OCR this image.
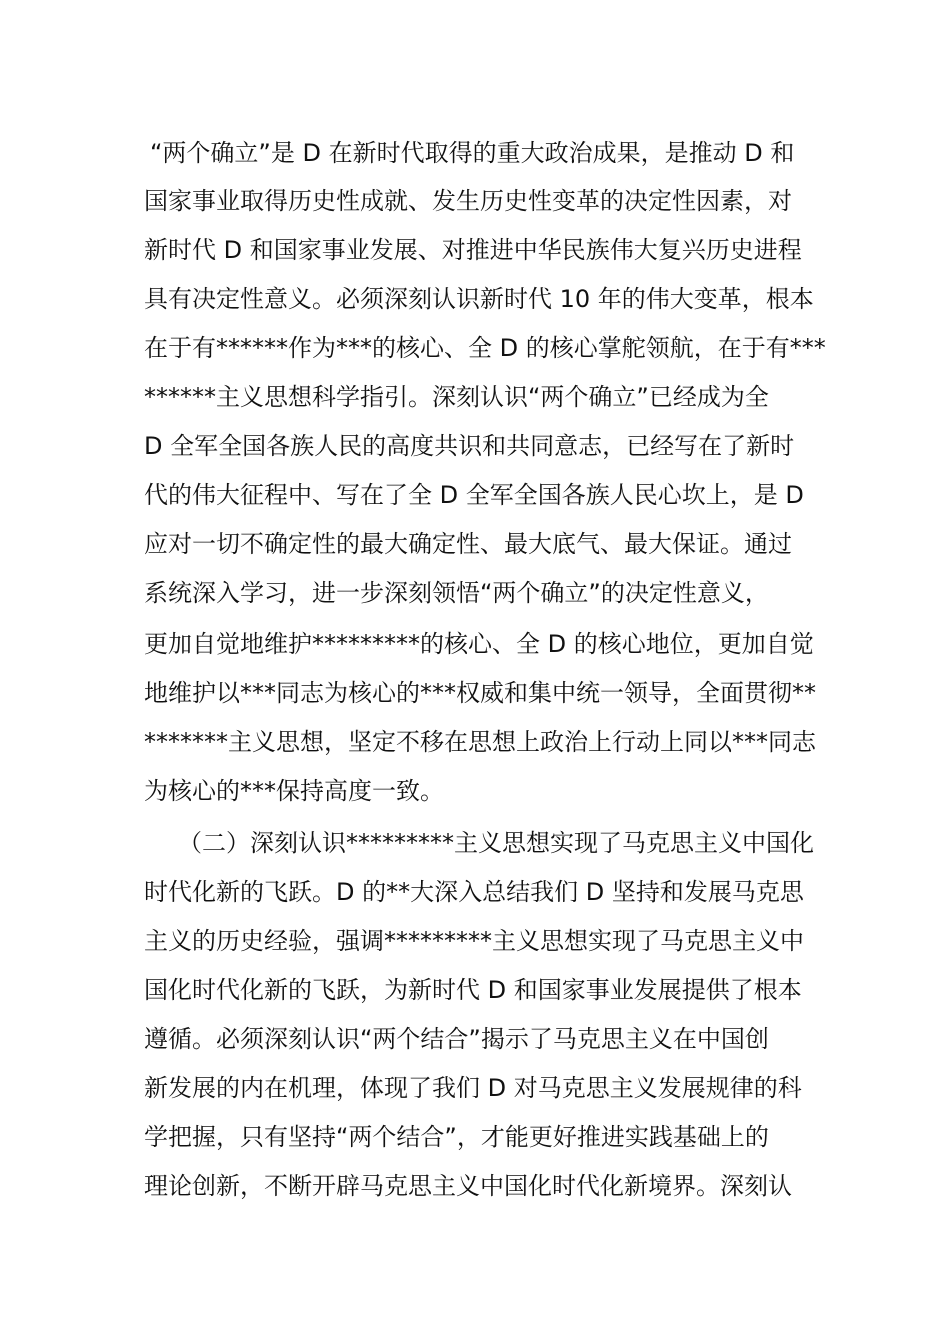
“两个确立”是 D 在新时代取得的重大政治成果，是推动 D 和
国家事业取得历史性成就、发生历史性变革的决定性因素，对
新时代 D 和国家事业发展、对推进中华民族伟大复兴历史进程
具有决定性意义。必须深刻认识新时代 10 年的伟大变革，根本
在于有******作为***的核心、全 D 的核心掌舵领航，在于有***
******主义思想科学指引。深刻认识“两个确立”已经成为全
D 全军全国各族人民的高度共识和共同意志，已经写在了新时
代的伟大征程中、写在了全 D 全军全国各族人民心坎上，是 D
应对一切不确定性的最大确定性、最大底气、最大保证。通过
系统深入学习，进一步深刻领悟“两个确立”的决定性意义，
更加自觉地维护*********的核心、全 D 的核心地位，更加自觉
地维护以***同志为核心的***权威和集中统一领导，全面贯彻**
*******主义思想，坚定不移在思想上政治上行动上同以***同志
为核心的***保持高度一致。
（二）深刻认识*********主义思想实现了马克思主义中国化
时代化新的飞跃。D 的**大深入总结我们 D 坚持和发展马克思
主义的历史经验，强调*********主义思想实现了马克思主义中
国化时代化新的飞跃，为新时代 D 和国家事业发展提供了根本
遵循。必须深刻认识“两个结合”揭示了马克思主义在中国创
新发展的内在机理，体现了我们 D 对马克思主义发展规律的科
学把握，只有坚持“两个结合”，才能更好推进实践基础上的
理论创新，不断开辟马克思主义中国化时代化新境界。深刻认
